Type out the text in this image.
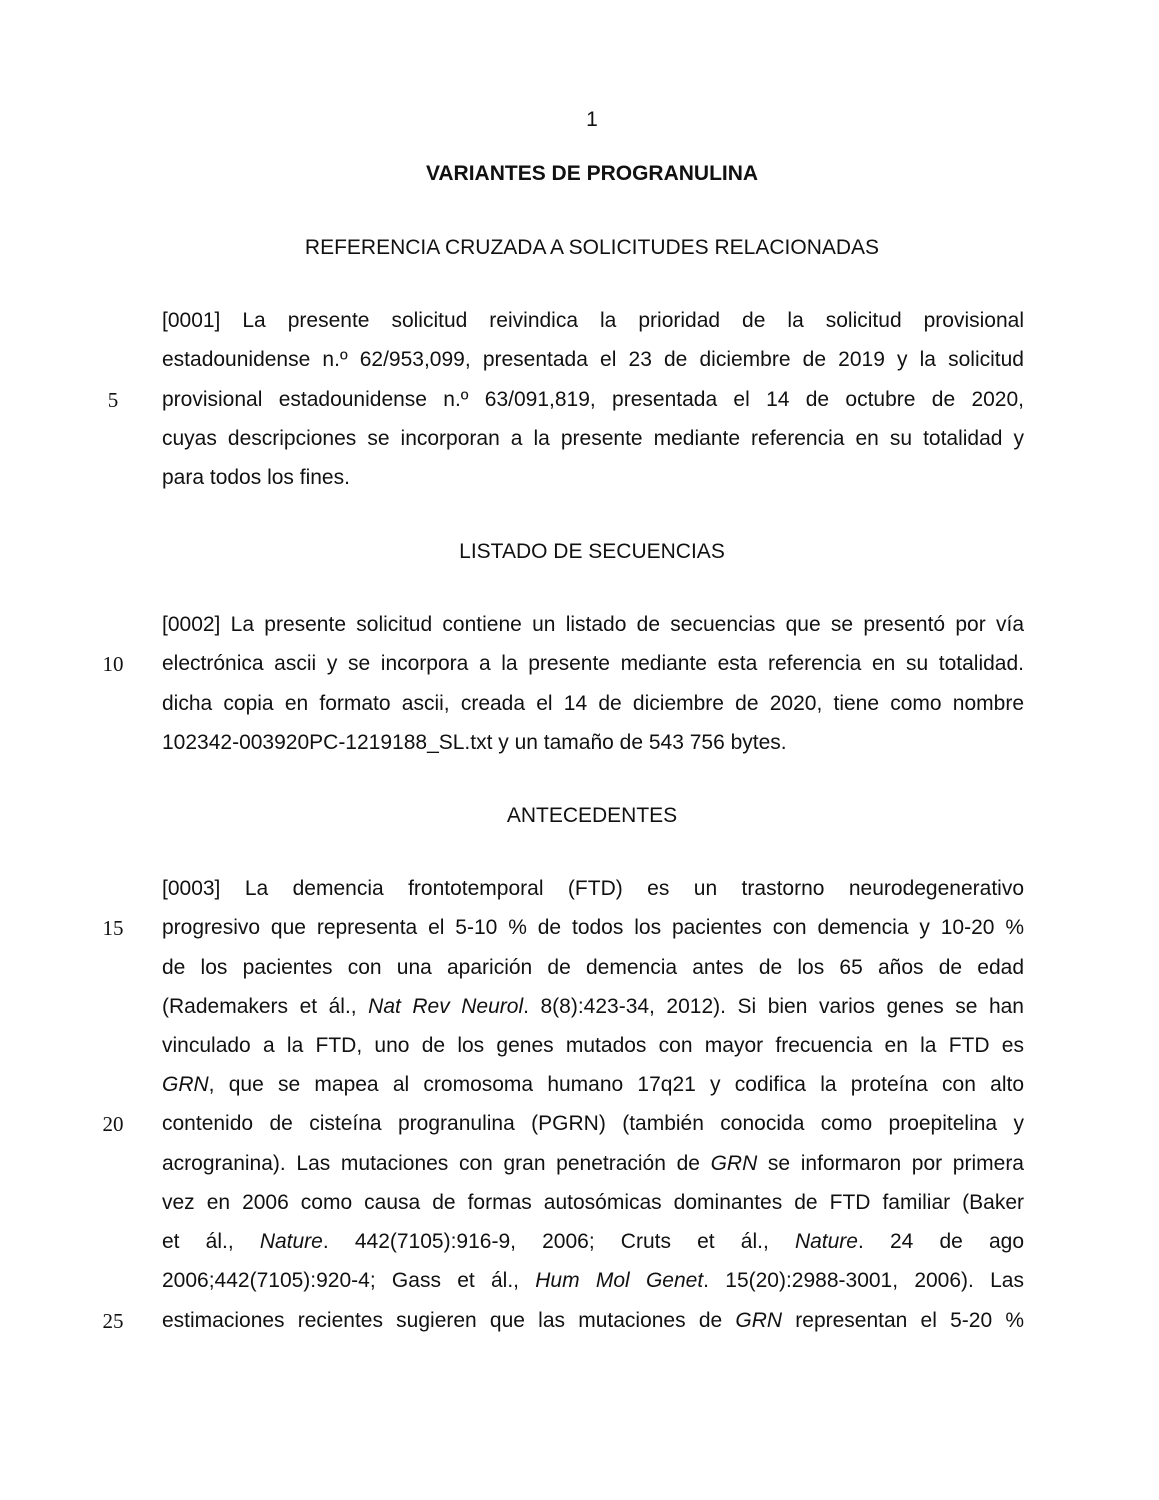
1
VARIANTES DE PROGRANULINA
REFERENCIA CRUZADA A SOLICITUDES RELACIONADAS
[0001] La presente solicitud reivindica la prioridad de la solicitud provisional
estadounidense n.º 62/953,099, presentada el 23 de diciembre de 2019 y la solicitud
provisional estadounidense n.º 63/091,819, presentada el 14 de octubre de 2020,
cuyas descripciones se incorporan a la presente mediante referencia en su totalidad y
para todos los fines.
5
LISTADO DE SECUENCIAS
[0002] La presente solicitud contiene un listado de secuencias que se presentó por vía
electrónica ascii y se incorpora a la presente mediante esta referencia en su totalidad.
dicha copia en formato ascii, creada el 14 de diciembre de 2020, tiene como nombre
102342-003920PC-1219188_SL.txt y un tamaño de 543 756 bytes.
10
ANTECEDENTES
[0003] La demencia frontotemporal (FTD) es un trastorno neurodegenerativo
progresivo que representa el 5-10 % de todos los pacientes con demencia y 10-20 %
de los pacientes con una aparición de demencia antes de los 65 años de edad
(Rademakers et ál., Nat Rev Neurol. 8(8):423-34, 2012). Si bien varios genes se han
vinculado a la FTD, uno de los genes mutados con mayor frecuencia en la FTD es
GRN, que se mapea al cromosoma humano 17q21 y codifica la proteína con alto
contenido de cisteína progranulina (PGRN) (también conocida como proepitelina y
acrogranina). Las mutaciones con gran penetración de GRN se informaron por primera
vez en 2006 como causa de formas autosómicas dominantes de FTD familiar (Baker
et ál., Nature. 442(7105):916-9, 2006; Cruts et ál., Nature. 24 de ago
2006;442(7105):920-4; Gass et ál., Hum Mol Genet. 15(20):2988-3001, 2006). Las
estimaciones recientes sugieren que las mutaciones de GRN representan el 5-20 %
15
20
25
